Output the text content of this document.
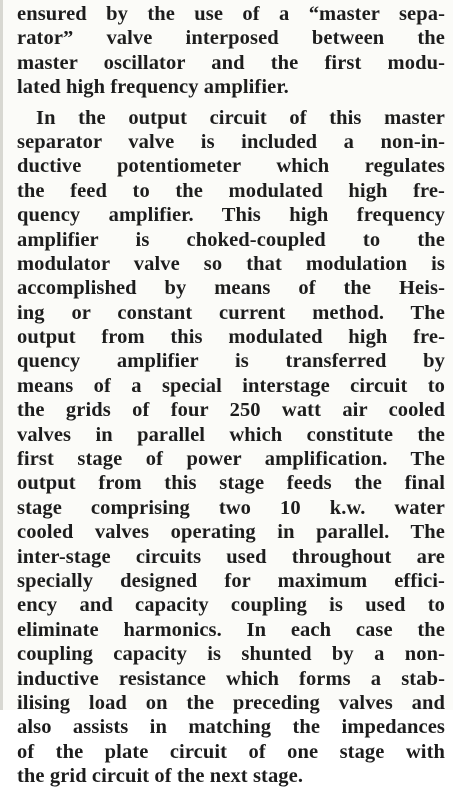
ensured by the use of a “master sepa-
rator” valve interposed between the
master oscillator and the first modu-
lated high frequency amplifier.
In the output circuit of this master
separator valve is included a non-in-
ductive potentiometer which regulates
the feed to the modulated high fre-
quency amplifier. This high frequency
amplifier is choked-coupled to the
modulator valve so that modulation is
accomplished by means of the Heis-
ing or constant current method. The
output from this modulated high fre-
quency amplifier is transferred by
means of a special interstage circuit to
the grids of four 250 watt air cooled
valves in parallel which constitute the
first stage of power amplification. The
output from this stage feeds the final
stage comprising two 10 k.w. water
cooled valves operating in parallel. The
inter-stage circuits used throughout are
specially designed for maximum effici-
ency and capacity coupling is used to
eliminate harmonics. In each case the
coupling capacity is shunted by a non-
inductive resistance which forms a stab-
ilising load on the preceding valves and
also assists in matching the impedances
of the plate circuit of one stage with
the grid circuit of the next stage.
